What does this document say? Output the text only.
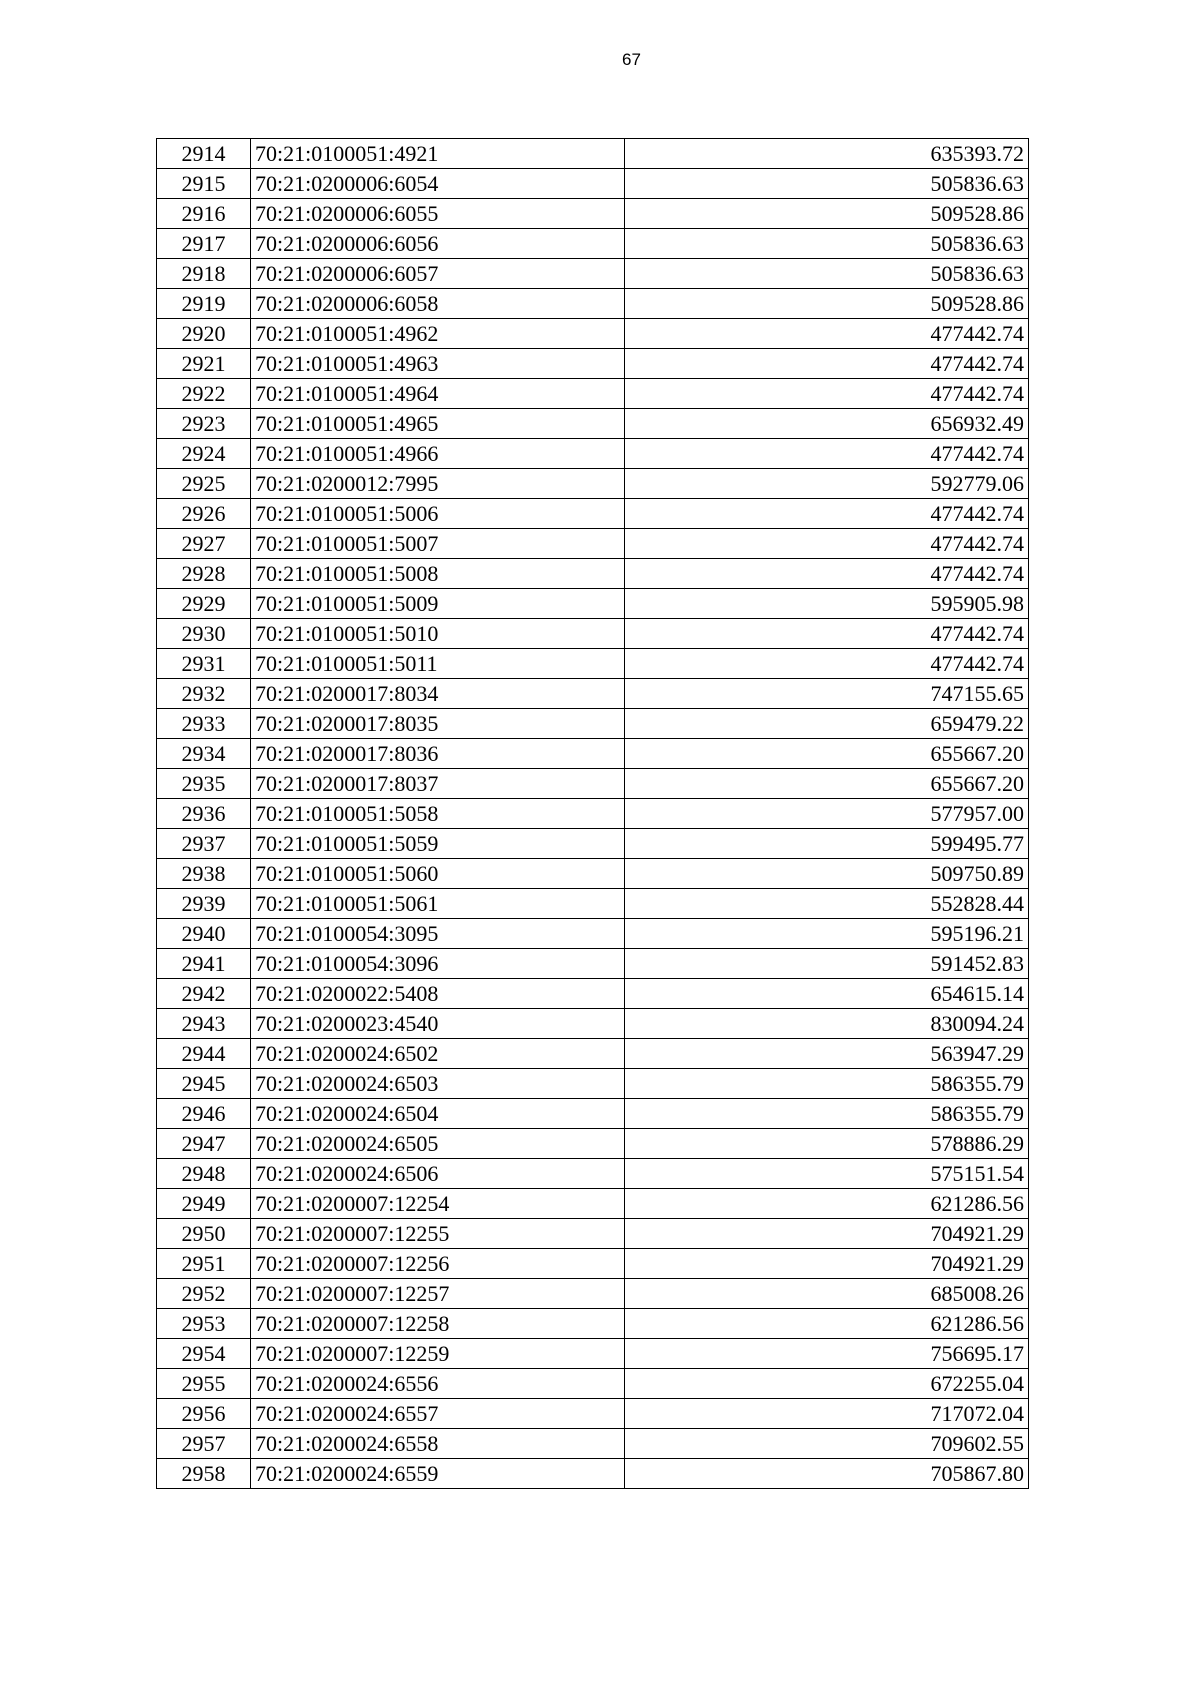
67
2914	70:21:0100051:4921	635393.72
2915	70:21:0200006:6054	505836.63
2916	70:21:0200006:6055	509528.86
2917	70:21:0200006:6056	505836.63
2918	70:21:0200006:6057	505836.63
2919	70:21:0200006:6058	509528.86
2920	70:21:0100051:4962	477442.74
2921	70:21:0100051:4963	477442.74
2922	70:21:0100051:4964	477442.74
2923	70:21:0100051:4965	656932.49
2924	70:21:0100051:4966	477442.74
2925	70:21:0200012:7995	592779.06
2926	70:21:0100051:5006	477442.74
2927	70:21:0100051:5007	477442.74
2928	70:21:0100051:5008	477442.74
2929	70:21:0100051:5009	595905.98
2930	70:21:0100051:5010	477442.74
2931	70:21:0100051:5011	477442.74
2932	70:21:0200017:8034	747155.65
2933	70:21:0200017:8035	659479.22
2934	70:21:0200017:8036	655667.20
2935	70:21:0200017:8037	655667.20
2936	70:21:0100051:5058	577957.00
2937	70:21:0100051:5059	599495.77
2938	70:21:0100051:5060	509750.89
2939	70:21:0100051:5061	552828.44
2940	70:21:0100054:3095	595196.21
2941	70:21:0100054:3096	591452.83
2942	70:21:0200022:5408	654615.14
2943	70:21:0200023:4540	830094.24
2944	70:21:0200024:6502	563947.29
2945	70:21:0200024:6503	586355.79
2946	70:21:0200024:6504	586355.79
2947	70:21:0200024:6505	578886.29
2948	70:21:0200024:6506	575151.54
2949	70:21:0200007:12254	621286.56
2950	70:21:0200007:12255	704921.29
2951	70:21:0200007:12256	704921.29
2952	70:21:0200007:12257	685008.26
2953	70:21:0200007:12258	621286.56
2954	70:21:0200007:12259	756695.17
2955	70:21:0200024:6556	672255.04
2956	70:21:0200024:6557	717072.04
2957	70:21:0200024:6558	709602.55
2958	70:21:0200024:6559	705867.80
